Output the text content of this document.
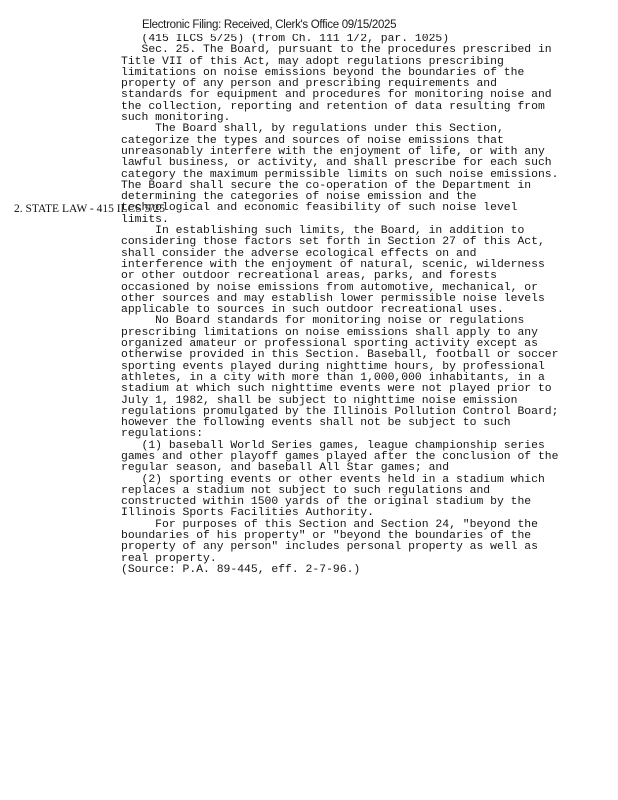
Electronic Filing: Received, Clerk's Office 09/15/2025
2. STATE LAW - 415 ILCS 5/25
(415 ILCS 5/25) (from Ch. 111 1/2, par. 1025)
Sec. 25. The Board, pursuant to the procedures prescribed in
Title VII of this Act, may adopt regulations prescribing
limitations on noise emissions beyond the boundaries of the
property of any person and prescribing requirements and
standards for equipment and procedures for monitoring noise and
the collection, reporting and retention of data resulting from
such monitoring.
The Board shall, by regulations under this Section,
categorize the types and sources of noise emissions that
unreasonably interfere with the enjoyment of life, or with any
lawful business, or activity, and shall prescribe for each such
category the maximum permissible limits on such noise emissions.
The Board shall secure the co-operation of the Department in
determining the categories of noise emission and the
technological and economic feasibility of such noise level
limits.
In establishing such limits, the Board, in addition to
considering those factors set forth in Section 27 of this Act,
shall consider the adverse ecological effects on and
interference with the enjoyment of natural, scenic, wilderness
or other outdoor recreational areas, parks, and forests
occasioned by noise emissions from automotive, mechanical, or
other sources and may establish lower permissible noise levels
applicable to sources in such outdoor recreational uses.
No Board standards for monitoring noise or regulations
prescribing limitations on noise emissions shall apply to any
organized amateur or professional sporting activity except as
otherwise provided in this Section. Baseball, football or soccer
sporting events played during nighttime hours, by professional
athletes, in a city with more than 1,000,000 inhabitants, in a
stadium at which such nighttime events were not played prior to
July 1, 1982, shall be subject to nighttime noise emission
regulations promulgated by the Illinois Pollution Control Board;
however the following events shall not be subject to such
regulations:
(1) baseball World Series games, league championship series
games and other playoff games played after the conclusion of the
regular season, and baseball All Star games; and
(2) sporting events or other events held in a stadium which
replaces a stadium not subject to such regulations and
constructed within 1500 yards of the original stadium by the
Illinois Sports Facilities Authority.
For purposes of this Section and Section 24, "beyond the
boundaries of his property" or "beyond the boundaries of the
property of any person" includes personal property as well as
real property.
(Source: P.A. 89-445, eff. 2-7-96.)
